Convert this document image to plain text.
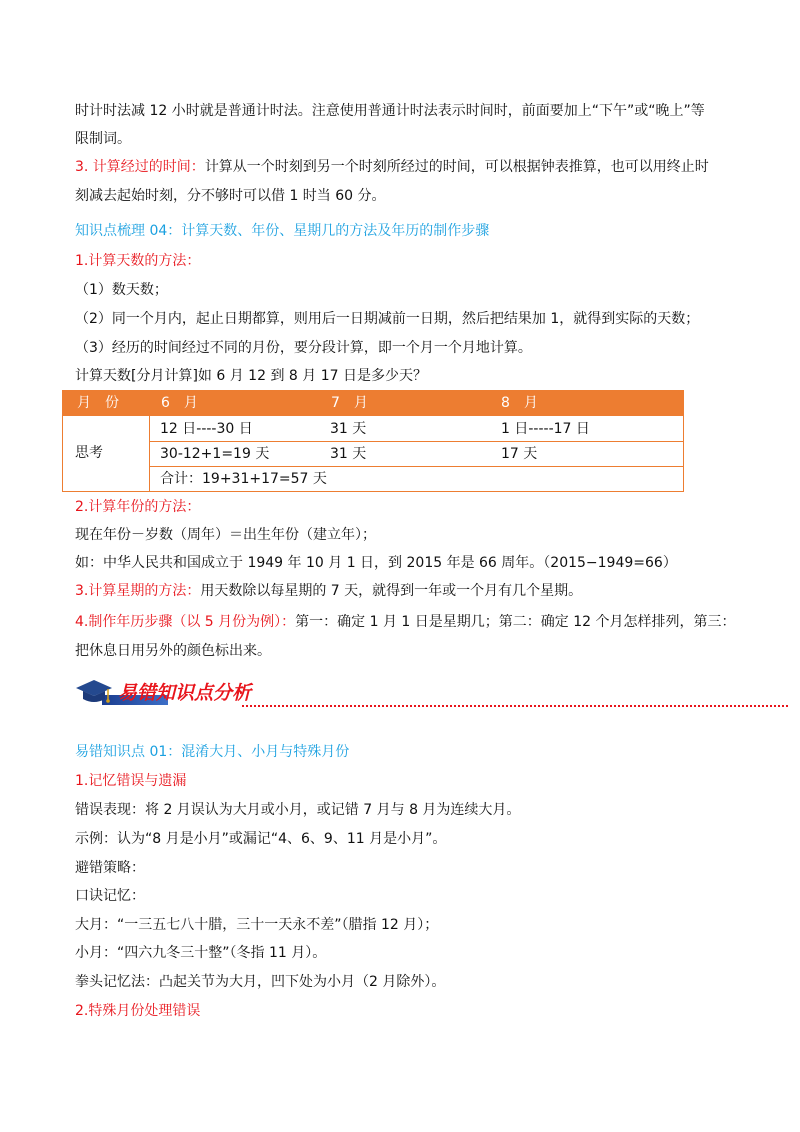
时计时法减 12 小时就是普通计时法。注意使用普通计时法表示时间时，前面要加上“下午”或“晚上”等
限制词。
3. 计算经过的时间：计算从一个时刻到另一个时刻所经过的时间，可以根据钟表推算，也可以用终止时
刻减去起始时刻，分不够时可以借 1 时当 60 分。
知识点梳理 04：计算天数、年份、星期几的方法及年历的制作步骤
1.计算天数的方法：
（1）数天数；
（2）同一个月内，起止日期都算，则用后一日期减前一日期，然后把结果加 1，就得到实际的天数；
（3）经历的时间经过不同的月份，要分段计算，即一个月一个月地计算。
计算天数[分月计算]如 6 月 12 到 8 月 17 日是多少天？
月　份	6　月	7　月	8　月
思考
12 日----30 日	31 天	1 日-----17 日
30-12+1=19 天	31 天	17 天
合计：19+31+17=57 天
2.计算年份的方法：
现在年份－岁数（周年）＝出生年份（建立年）；
如：中华人民共和国成立于 1949 年 10 月 1 日，到 2015 年是 66 周年。（2015−1949=66）
3.计算星期的方法：用天数除以每星期的 7 天，就得到一年或一个月有几个星期。
4.制作年历步骤（以 5 月份为例）：第一：确定 1 月 1 日是星期几；第二：确定 12 个月怎样排列，第三：
把休息日用另外的颜色标出来。
易错知识点分析
易错知识点 01：混淆大月、小月与特殊月份
1.记忆错误与遗漏
错误表现：将 2 月误认为大月或小月，或记错 7 月与 8 月为连续大月。
示例：认为“8 月是小月”或漏记“4、6、9、11 月是小月”。
避错策略：
口诀记忆：
大月：“一三五七八十腊，三十一天永不差”（腊指 12 月）；
小月：“四六九冬三十整”（冬指 11 月）。
拳头记忆法：凸起关节为大月，凹下处为小月（2 月除外）。
2.特殊月份处理错误
